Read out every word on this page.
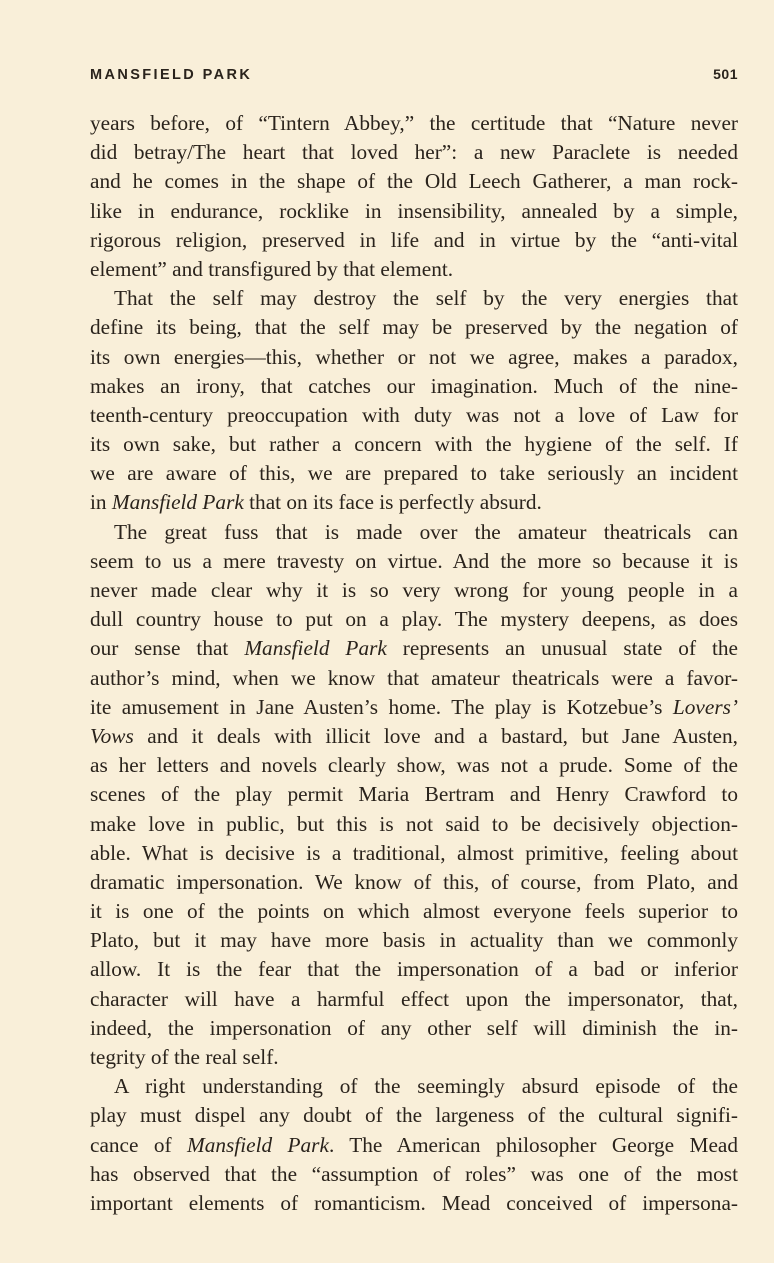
MANSFIELD PARK	501
years before, of “Tintern Abbey,” the certitude that “Nature never
did betray/The heart that loved her”: a new Paraclete is needed
and he comes in the shape of the Old Leech Gatherer, a man rock-
like in endurance, rocklike in insensibility, annealed by a simple,
rigorous religion, preserved in life and in virtue by the “anti-vital
element” and transfigured by that element.
That the self may destroy the self by the very energies that
define its being, that the self may be preserved by the negation of
its own energies—this, whether or not we agree, makes a paradox,
makes an irony, that catches our imagination. Much of the nine-
teenth-century preoccupation with duty was not a love of Law for
its own sake, but rather a concern with the hygiene of the self. If
we are aware of this, we are prepared to take seriously an incident
in Mansfield Park that on its face is perfectly absurd.
The great fuss that is made over the amateur theatricals can
seem to us a mere travesty on virtue. And the more so because it is
never made clear why it is so very wrong for young people in a
dull country house to put on a play. The mystery deepens, as does
our sense that Mansfield Park represents an unusual state of the
author’s mind, when we know that amateur theatricals were a favor-
ite amusement in Jane Austen’s home. The play is Kotzebue’s Lovers’
Vows and it deals with illicit love and a bastard, but Jane Austen,
as her letters and novels clearly show, was not a prude. Some of the
scenes of the play permit Maria Bertram and Henry Crawford to
make love in public, but this is not said to be decisively objection-
able. What is decisive is a traditional, almost primitive, feeling about
dramatic impersonation. We know of this, of course, from Plato, and
it is one of the points on which almost everyone feels superior to
Plato, but it may have more basis in actuality than we commonly
allow. It is the fear that the impersonation of a bad or inferior
character will have a harmful effect upon the impersonator, that,
indeed, the impersonation of any other self will diminish the in-
tegrity of the real self.
A right understanding of the seemingly absurd episode of the
play must dispel any doubt of the largeness of the cultural signifi-
cance of Mansfield Park. The American philosopher George Mead
has observed that the “assumption of roles” was one of the most
important elements of romanticism. Mead conceived of impersona-
